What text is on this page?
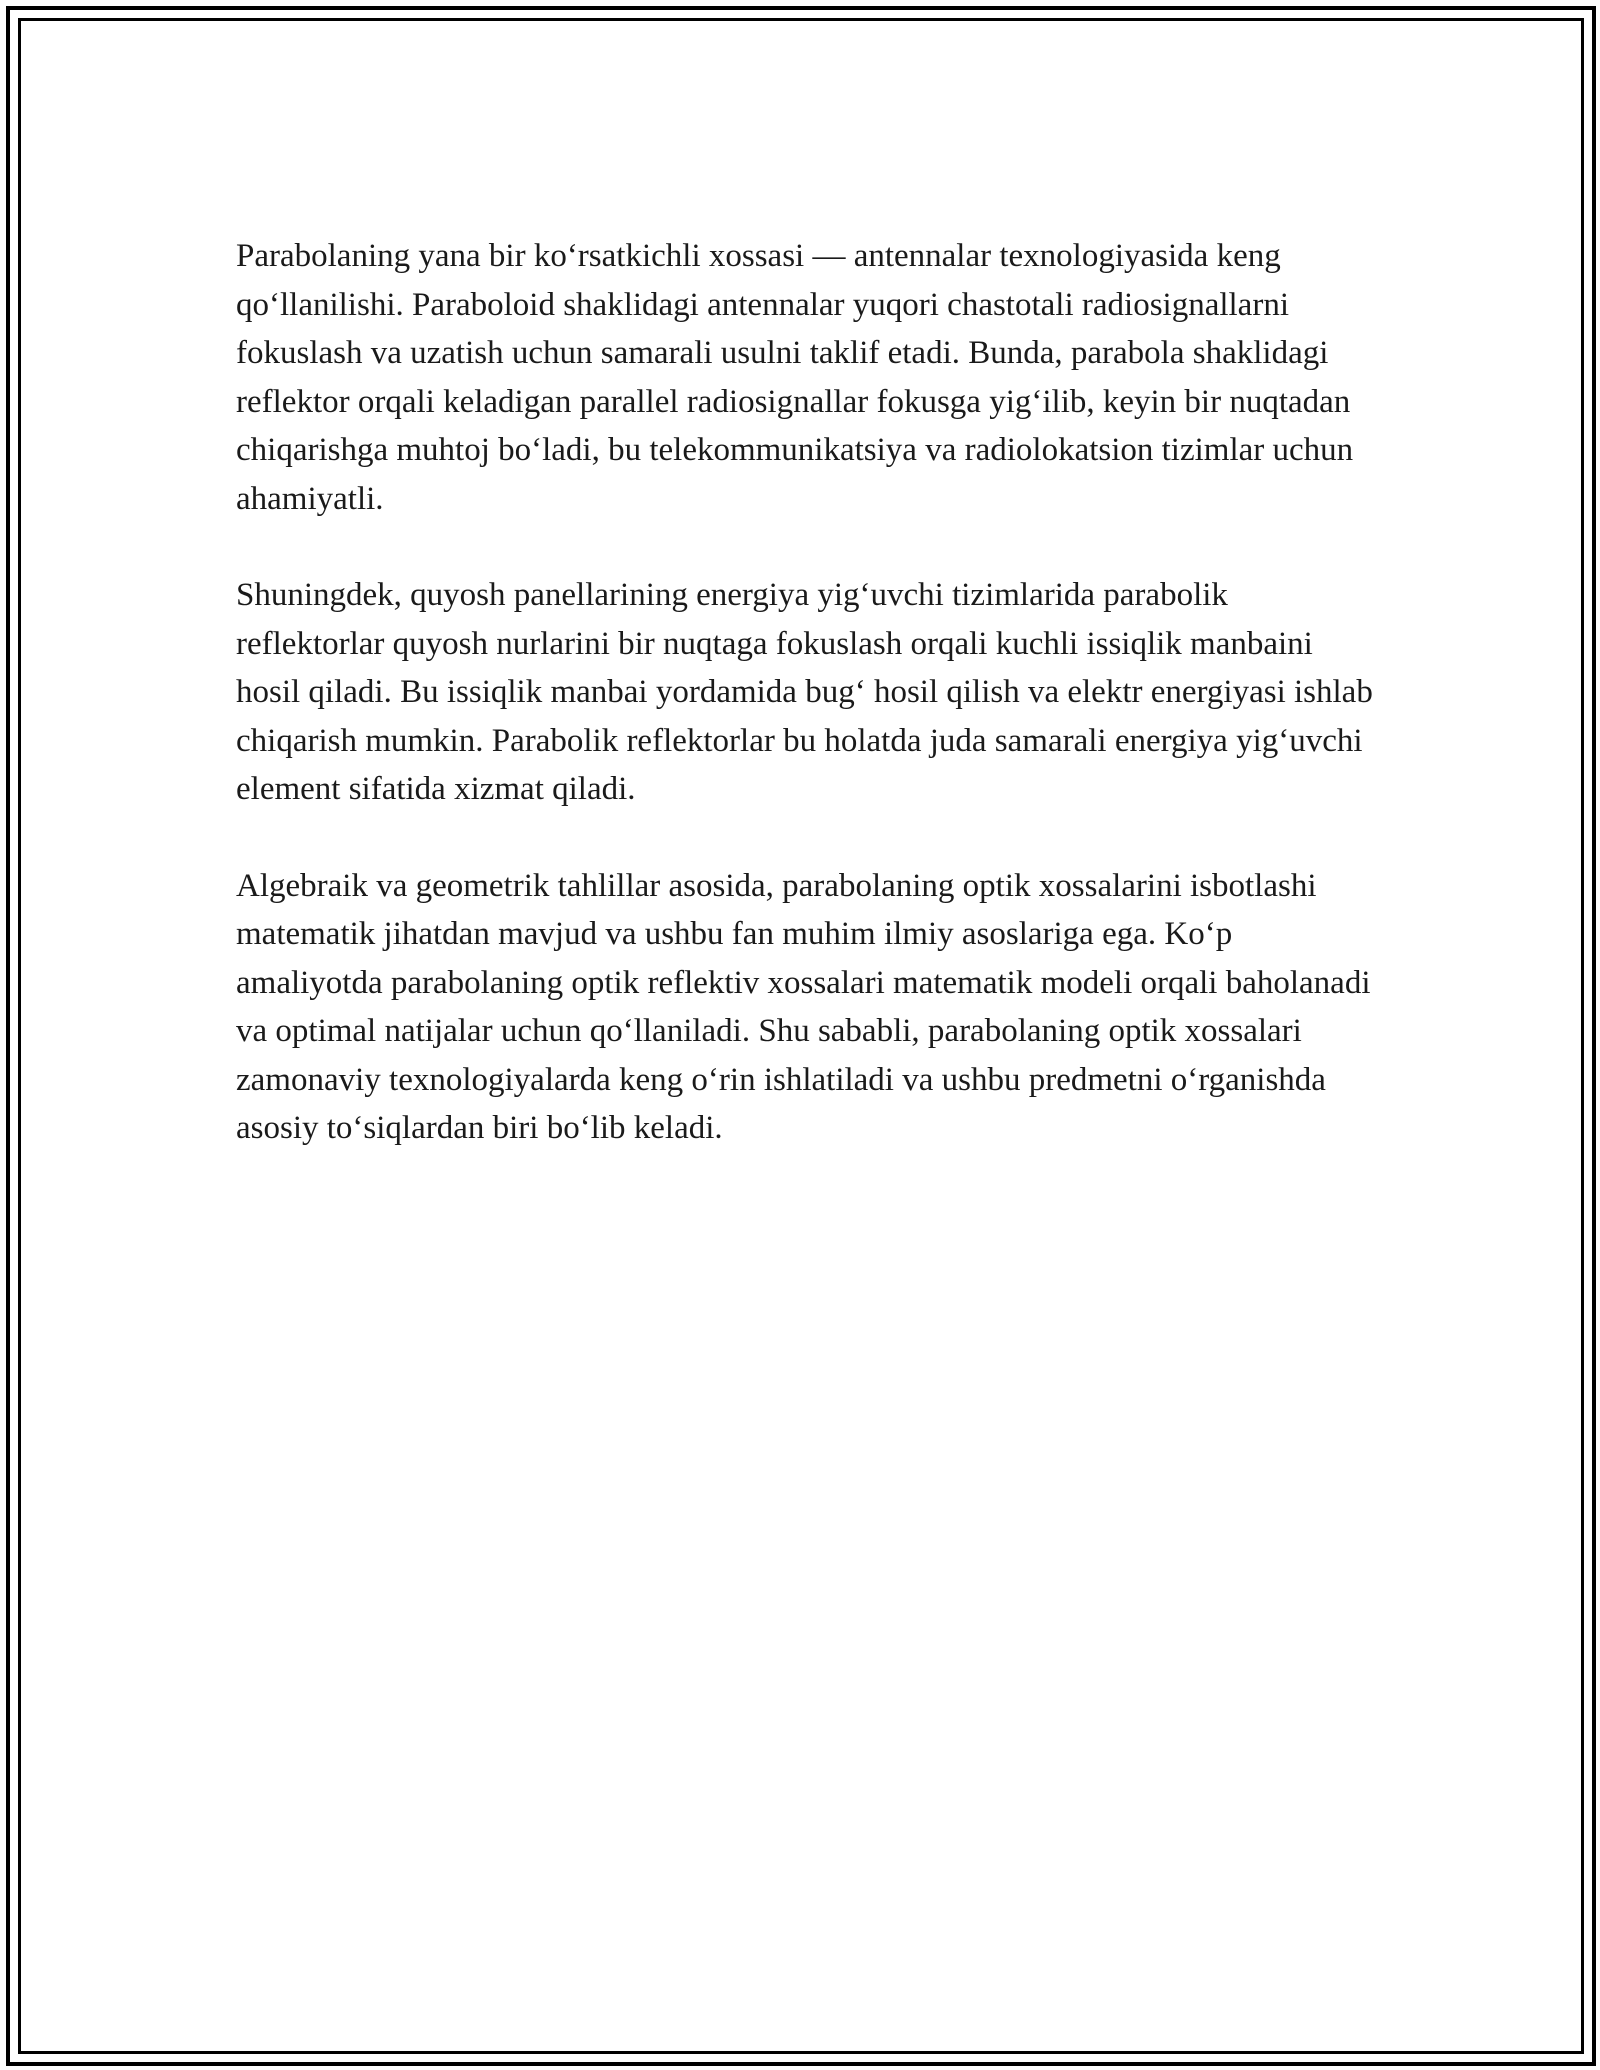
Parabolaning yana bir ko‘rsatkichli xossasi — antennalar texnologiyasida keng qo‘llanilishi. Paraboloid shaklidagi antennalar yuqori chastotali radiosignallarni fokuslash va uzatish uchun samarali usulni taklif etadi. Bunda, parabola shaklidagi reflektor orqali keladigan parallel radiosignallar fokusga yig‘ilib, keyin bir nuqtadan chiqarishga muhtoj bo‘ladi, bu telekommunikatsiya va radiolokatsion tizimlar uchun ahamiyatli.

Shuningdek, quyosh panellarining energiya yig‘uvchi tizimlarida parabolik reflektorlar quyosh nurlarini bir nuqtaga fokuslash orqali kuchli issiqlik manbaini hosil qiladi. Bu issiqlik manbai yordamida bug‘ hosil qilish va elektr energiyasi ishlab chiqarish mumkin. Parabolik reflektorlar bu holatda juda samarali energiya yig‘uvchi element sifatida xizmat qiladi.

Algebraik va geometrik tahlillar asosida, parabolaning optik xossalarini isbotlashi matematik jihatdan mavjud va ushbu fan muhim ilmiy asoslariga ega. Ko‘p amaliyotda parabolaning optik reflektiv xossalari matematik modeli orqali baholanadi va optimal natijalar uchun qo‘llaniladi. Shu sababli, parabolaning optik xossalari zamonaviy texnologiyalarda keng o‘rin ishlatiladi va ushbu predmetni o‘rganishda asosiy to‘siqlardan biri bo‘lib keladi.
